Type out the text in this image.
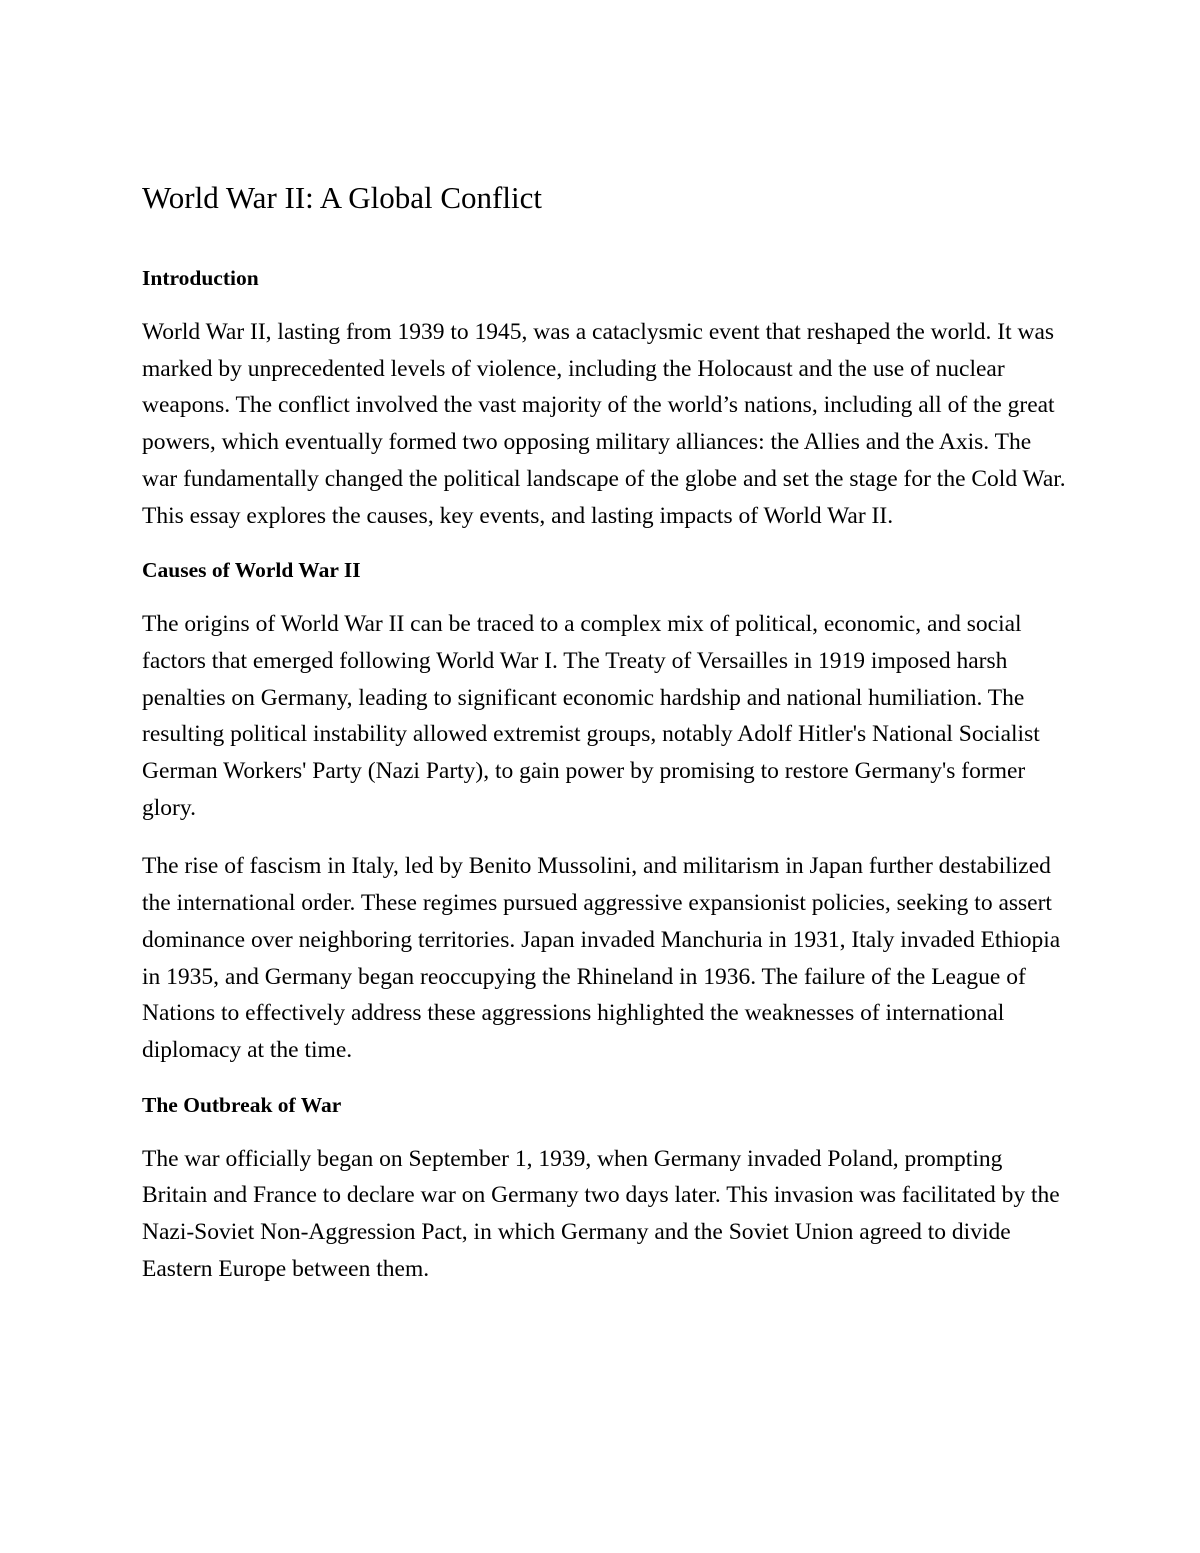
World War II: A Global Conflict
Introduction

World War II, lasting from 1939 to 1945, was a cataclysmic event that reshaped the world. It was marked by unprecedented levels of violence, including the Holocaust and the use of nuclear weapons. The conflict involved the vast majority of the world’s nations, including all of the great powers, which eventually formed two opposing military alliances: the Allies and the Axis. The war fundamentally changed the political landscape of the globe and set the stage for the Cold War. This essay explores the causes, key events, and lasting impacts of World War II.

Causes of World War II

The origins of World War II can be traced to a complex mix of political, economic, and social factors that emerged following World War I. The Treaty of Versailles in 1919 imposed harsh penalties on Germany, leading to significant economic hardship and national humiliation. The resulting political instability allowed extremist groups, notably Adolf Hitler's National Socialist German Workers' Party (Nazi Party), to gain power by promising to restore Germany's former glory.

The rise of fascism in Italy, led by Benito Mussolini, and militarism in Japan further destabilized the international order. These regimes pursued aggressive expansionist policies, seeking to assert dominance over neighboring territories. Japan invaded Manchuria in 1931, Italy invaded Ethiopia in 1935, and Germany began reoccupying the Rhineland in 1936. The failure of the League of Nations to effectively address these aggressions highlighted the weaknesses of international diplomacy at the time.

The Outbreak of War

The war officially began on September 1, 1939, when Germany invaded Poland, prompting Britain and France to declare war on Germany two days later. This invasion was facilitated by the Nazi-Soviet Non-Aggression Pact, in which Germany and the Soviet Union agreed to divide Eastern Europe between them.
